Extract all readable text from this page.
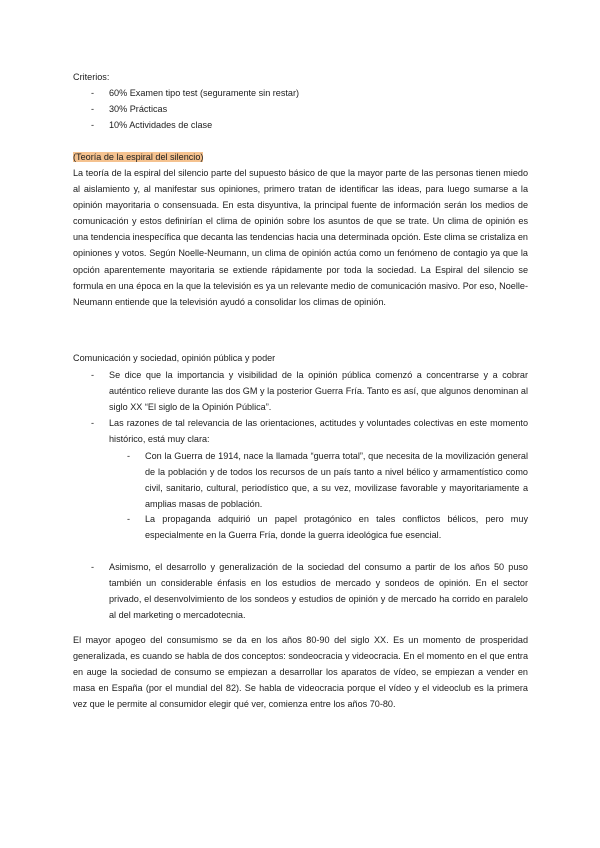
Criterios:
- 60% Examen tipo test (seguramente sin restar)
- 30% Prácticas
- 10% Actividades de clase
(Teoría de la espiral del silencio)

La teoría de la espiral del silencio parte del supuesto básico de que la mayor parte de las personas tienen miedo al aislamiento y, al manifestar sus opiniones, primero tratan de identificar las ideas, para luego sumarse a la opinión mayoritaria o consensuada. En esta disyuntiva, la principal fuente de información serán los medios de comunicación y estos definirían el clima de opinión sobre los asuntos de que se trate. Un clima de opinión es una tendencia inespecífica que decanta las tendencias hacia una determinada opción. Este clima se cristaliza en opiniones y votos. Según Noelle-Neumann, un clima de opinión actúa como un fenómeno de contagio ya que la opción aparentemente mayoritaria se extiende rápidamente por toda la sociedad. La Espiral del silencio se formula en una época en la que la televisión es ya un relevante medio de comunicación masivo. Por eso, Noelle-Neumann entiende que la televisión ayudó a consolidar los climas de opinión.

Comunicación y sociedad, opinión pública y poder
- Se dice que la importancia y visibilidad de la opinión pública comenzó a concentrarse y a cobrar auténtico relieve durante las dos GM y la posterior Guerra Fría. Tanto es así, que algunos denominan al siglo XX “El siglo de la Opinión Pública”.

- Las razones de tal relevancia de las orientaciones, actitudes y voluntades colectivas en este momento histórico, está muy clara:

- Con la Guerra de 1914, nace la llamada “guerra total”, que necesita de la movilización general de la población y de todos los recursos de un país tanto a nivel bélico y armamentístico como civil, sanitario, cultural, periodístico que, a su vez, movilizase favorable y mayoritariamente a amplias masas de población.

- La propaganda adquirió un papel protagónico en tales conflictos bélicos, pero muy especialmente en la Guerra Fría, donde la guerra ideológica fue esencial.

- Asimismo, el desarrollo y generalización de la sociedad del consumo a partir de los años 50 puso también un considerable énfasis en los estudios de mercado y sondeos de opinión. En el sector privado, el desenvolvimiento de los sondeos y estudios de opinión y de mercado ha corrido en paralelo al del marketing o mercadotecnia.

El mayor apogeo del consumismo se da en los años 80-90 del siglo XX. Es un momento de prosperidad generalizada, es cuando se habla de dos conceptos: sondeocracia y videocracia. En el momento en el que entra en auge la sociedad de consumo se empiezan a desarrollar los aparatos de vídeo, se empiezan a vender en masa en España (por el mundial del 82). Se habla de videocracia porque el vídeo y el videoclub es la primera vez que le permite al consumidor elegir qué ver, comienza entre los años 70-80.
